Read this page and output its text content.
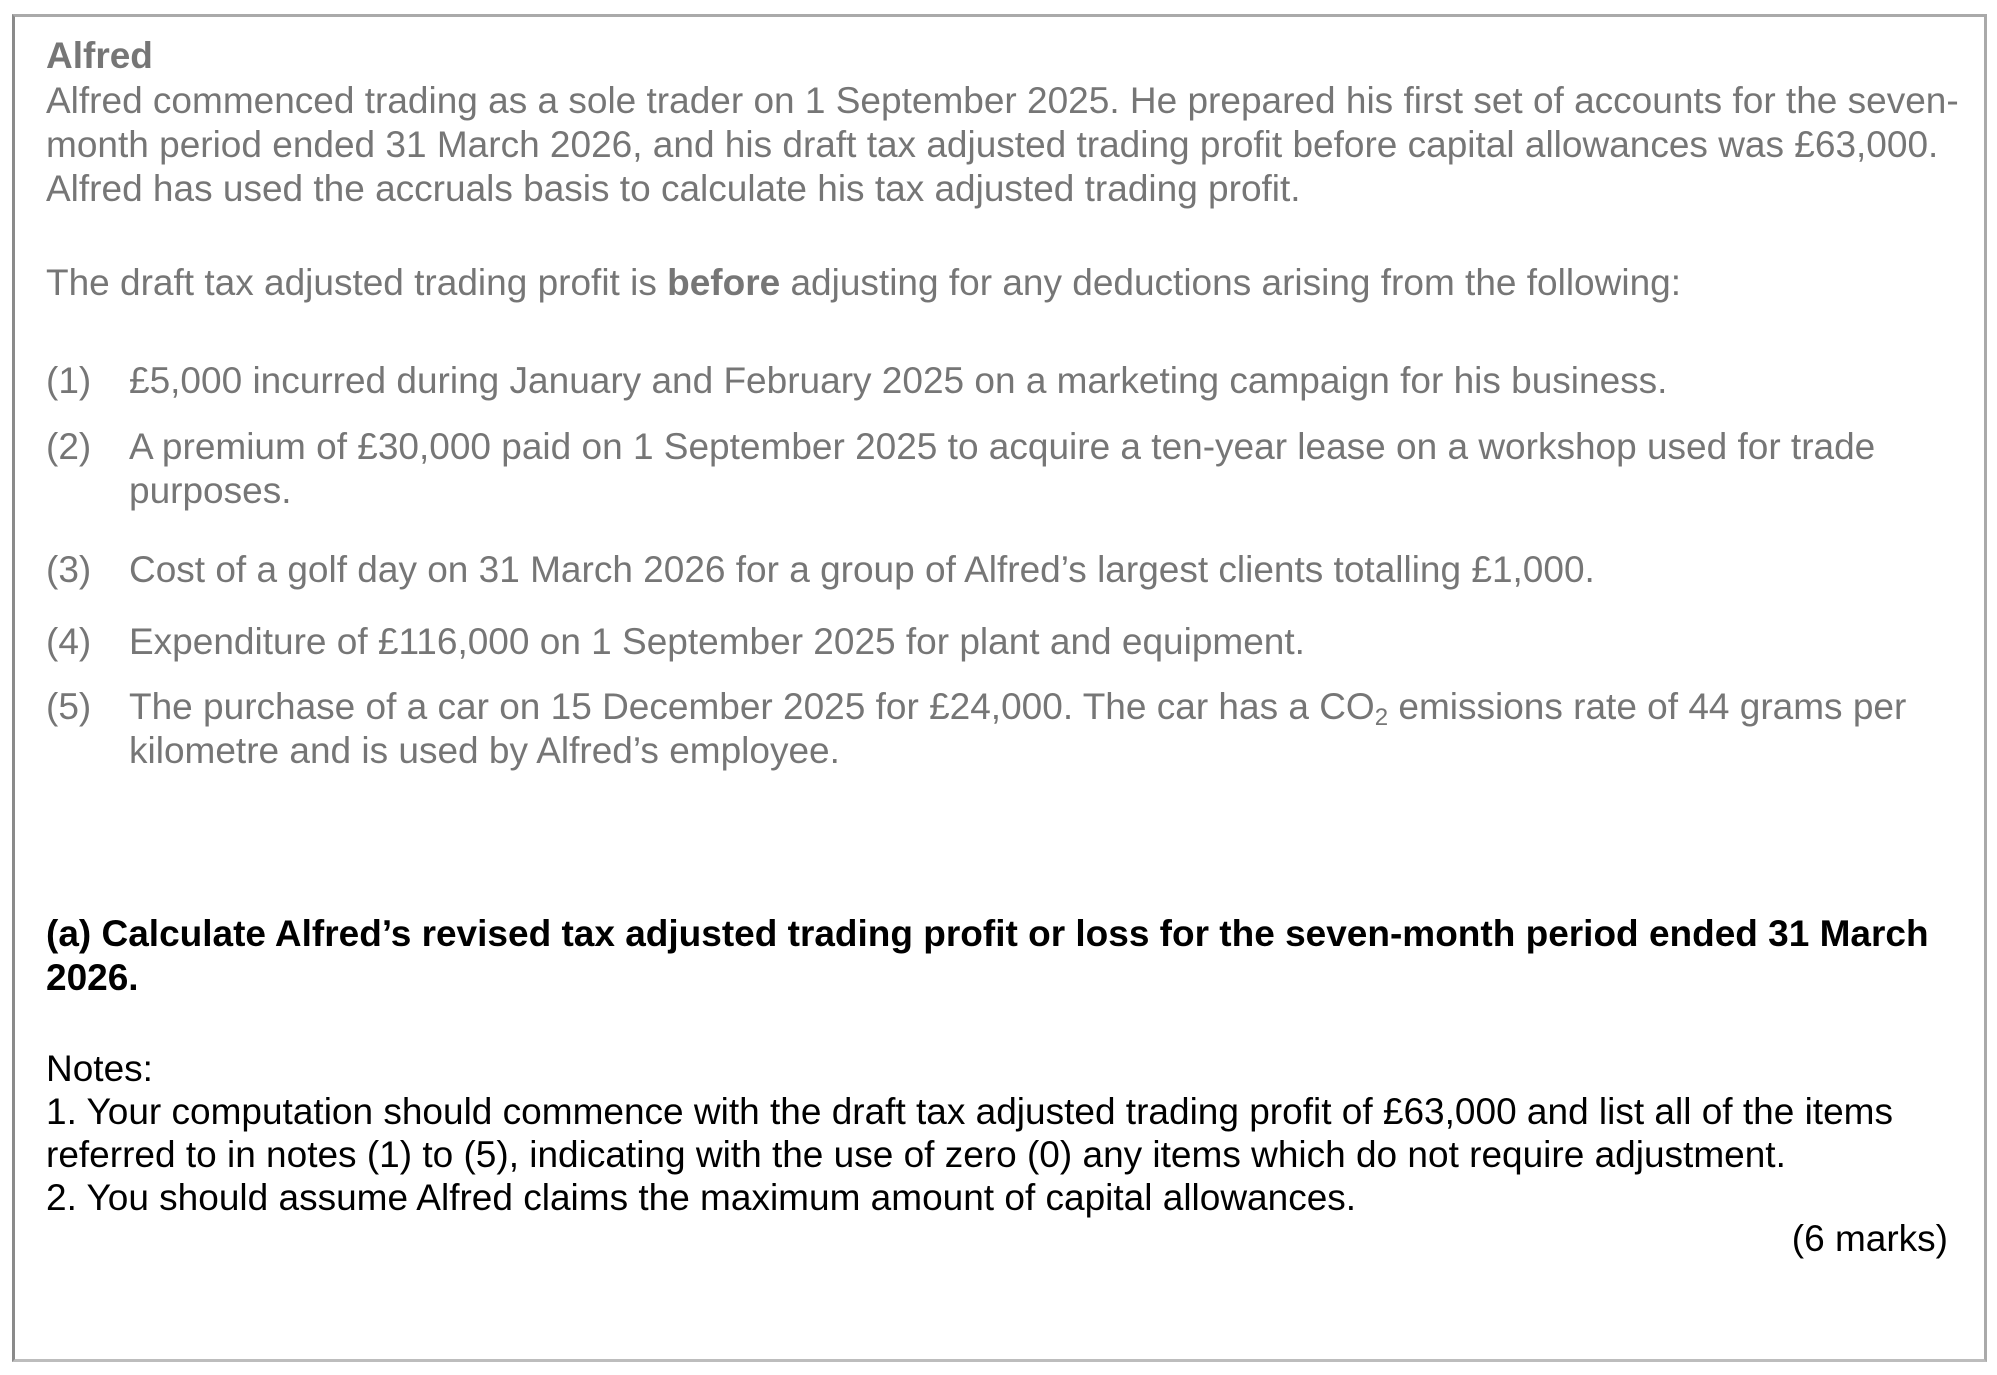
Alfred

Alfred commenced trading as a sole trader on 1 September 2025. He prepared his first set of accounts for the seven-month period ended 31 March 2026, and his draft tax adjusted trading profit before capital allowances was £63,000. Alfred has used the accruals basis to calculate his tax adjusted trading profit.

The draft tax adjusted trading profit is before adjusting for any deductions arising from the following:
(1) £5,000 incurred during January and February 2025 on a marketing campaign for his business.
(2) A premium of £30,000 paid on 1 September 2025 to acquire a ten-year lease on a workshop used for trade purposes.
(3) Cost of a golf day on 31 March 2026 for a group of Alfred’s largest clients totalling £1,000.
(4) Expenditure of £116,000 on 1 September 2025 for plant and equipment.
(5) The purchase of a car on 15 December 2025 for £24,000. The car has a $CO_2$ emissions rate of 44 grams per kilometre and is used by Alfred’s employee.
(a) Calculate Alfred’s revised tax adjusted trading profit or loss for the seven-month period ended 31 March 2026.
Notes:
1. Your computation should commence with the draft tax adjusted trading profit of £63,000 and list all of the items
referred to in notes (1) to (5), indicating with the use of zero (0) any items which do not require adjustment.
2. You should assume Alfred claims the maximum amount of capital allowances.
(6 marks)
